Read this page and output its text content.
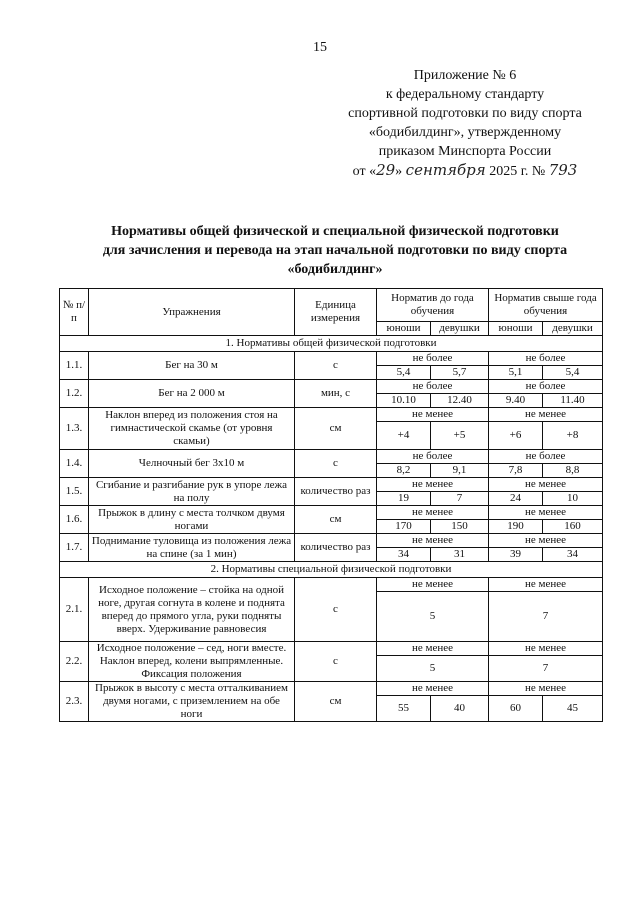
15
Приложение № 6
к федеральному стандарту
спортивной подготовки по виду спорта
«бодибилдинг», утвержденному
приказом Минспорта России
от «29» сентября 2025 г. № 793
Нормативы общей физической и специальной физической подготовки
для зачисления и перевода на этап начальной подготовки по виду спорта
«бодибилдинг»
№ п/п	Упражнения	Единица измерения	Норматив до года обучения		Норматив свыше года обучения	
			юноши	девушки	юноши	девушки
1. Нормативы общей физической подготовки						
1.1.	Бег на 30 м	с	не более		не более	
			5,4	5,7	5,1	5,4
1.2.	Бег на 2 000 м	мин, с	не более		не более	
			10.10	12.40	9.40	11.40
1.3.	Наклон вперед из положения стоя на гимнастической скамье (от уровня скамьи)	см	не менее		не менее	
			+4	+5	+6	+8
1.4.	Челночный бег 3х10 м	с	не более		не более	
			8,2	9,1	7,8	8,8
1.5.	Сгибание и разгибание рук в упоре лежа на полу	количество раз	не менее		не менее	
			19	7	24	10
1.6.	Прыжок в длину с места толчком двумя ногами	см	не менее		не менее	
			170	150	190	160
1.7.	Поднимание туловища из положения лежа на спине (за 1 мин)	количество раз	не менее		не менее	
			34	31	39	34
2. Нормативы специальной физической подготовки						
2.1.	Исходное положение – стойка на одной ноге, другая согнута в колене и поднята вперед до прямого угла, руки подняты вверх. Удерживание равновесия	с	не менее		не менее	
			5		7	
2.2.	Исходное положение – сед, ноги вместе. Наклон вперед, колени выпрямленные. Фиксация положения	с	не менее		не менее	
			5		7	
2.3.	Прыжок в высоту с места отталкиванием двумя ногами, с приземлением на обе ноги	см	не менее		не менее	
			55	40	60	45
